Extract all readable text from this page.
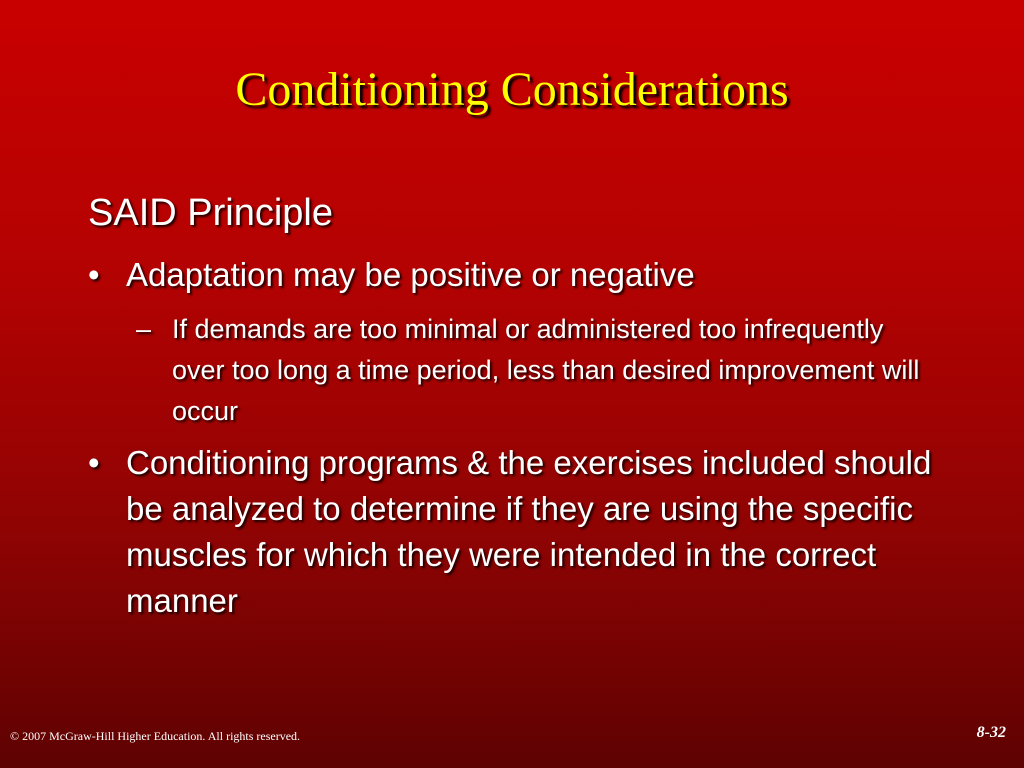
Conditioning Considerations
SAID Principle
• Adaptation may be positive or negative
– If demands are too minimal or administered too infrequently over too long a time period, less than desired improvement will occur
• Conditioning programs & the exercises included should be analyzed to determine if they are using the specific muscles for which they were intended in the correct manner
© 2007 McGraw-Hill Higher Education. All rights reserved.	8-32
